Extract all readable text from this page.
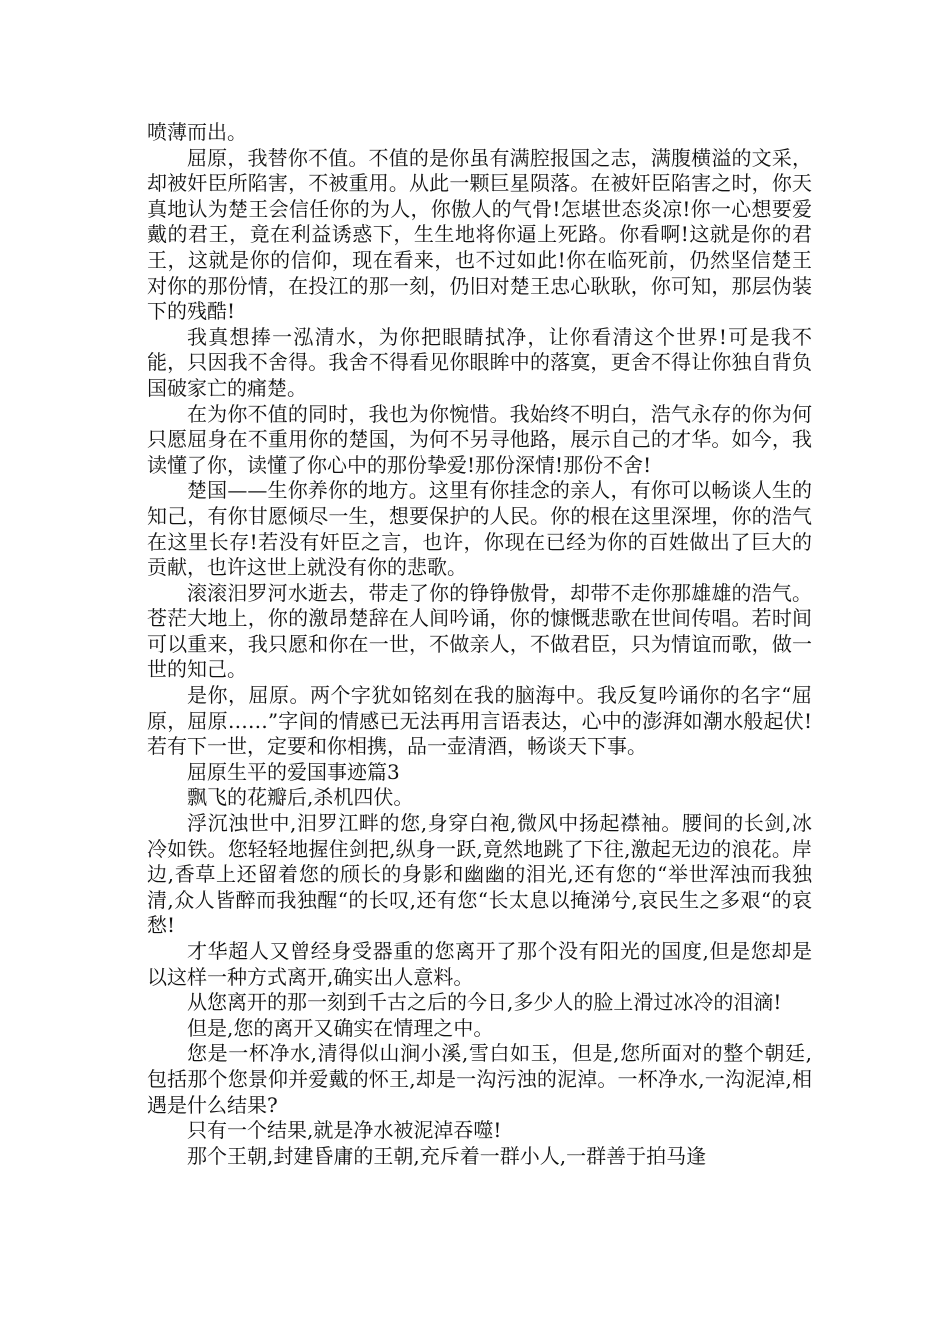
喷薄而出。

屈原，我替你不值。不值的是你虽有满腔报国之志，满腹横溢的文采，却被奸臣所陷害，不被重用。从此一颗巨星陨落。在被奸臣陷害之时，你天真地认为楚王会信任你的为人，你傲人的气骨!怎堪世态炎凉!你一心想要爱戴的君王，竟在利益诱惑下，生生地将你逼上死路。你看啊!这就是你的君王，这就是你的信仰，现在看来，也不过如此!你在临死前，仍然坚信楚王对你的那份情，在投江的那一刻，仍旧对楚王忠心耿耿，你可知，那层伪装下的残酷!

我真想捧一泓清水，为你把眼睛拭净，让你看清这个世界!可是我不能，只因我不舍得。我舍不得看见你眼眸中的落寞，更舍不得让你独自背负国破家亡的痛楚。

在为你不值的同时，我也为你惋惜。我始终不明白，浩气永存的你为何只愿屈身在不重用你的楚国，为何不另寻他路，展示自己的才华。如今，我读懂了你，读懂了你心中的那份挚爱!那份深情!那份不舍!

楚国——生你养你的地方。这里有你挂念的亲人，有你可以畅谈人生的知己，有你甘愿倾尽一生，想要保护的人民。你的根在这里深埋，你的浩气在这里长存!若没有奸臣之言，也许，你现在已经为你的百姓做出了巨大的贡献，也许这世上就没有你的悲歌。

滚滚汨罗河水逝去，带走了你的铮铮傲骨，却带不走你那雄雄的浩气。苍茫大地上，你的激昂楚辞在人间吟诵，你的慷慨悲歌在世间传唱。若时间可以重来，我只愿和你在一世，不做亲人，不做君臣，只为情谊而歌，做一世的知己。

是你，屈原。两个字犹如铭刻在我的脑海中。我反复吟诵你的名字“屈原，屈原……”字间的情感已无法再用言语表达，心中的澎湃如潮水般起伏!若有下一世，定要和你相携，品一壶清酒，畅谈天下事。

屈原生平的爱国事迹篇3

飘飞的花瓣后,杀机四伏。

浮沉浊世中,汨罗江畔的您,身穿白袍,微风中扬起襟袖。腰间的长剑,冰冷如铁。您轻轻地握住剑把,纵身一跃,竟然地跳了下往,激起无边的浪花。岸边,香草上还留着您的颀长的身影和幽幽的泪光,还有您的“举世浑浊而我独清,众人皆醉而我独醒“的长叹,还有您“长太息以掩涕兮,哀民生之多艰“的哀愁!

才华超人又曾经身受器重的您离开了那个没有阳光的国度,但是您却是以这样一种方式离开,确实出人意料。

从您离开的那一刻到千古之后的今日,多少人的脸上滑过冰冷的泪滴!

但是,您的离开又确实在情理之中。

您是一杯净水,清得似山涧小溪,雪白如玉，但是,您所面对的整个朝廷,包括那个您景仰并爱戴的怀王,却是一沟污浊的泥淖。一杯净水,一沟泥淖,相遇是什么结果?

只有一个结果,就是净水被泥淖吞噬!

那个王朝,封建昏庸的王朝,充斥着一群小人,一群善于拍马逢
